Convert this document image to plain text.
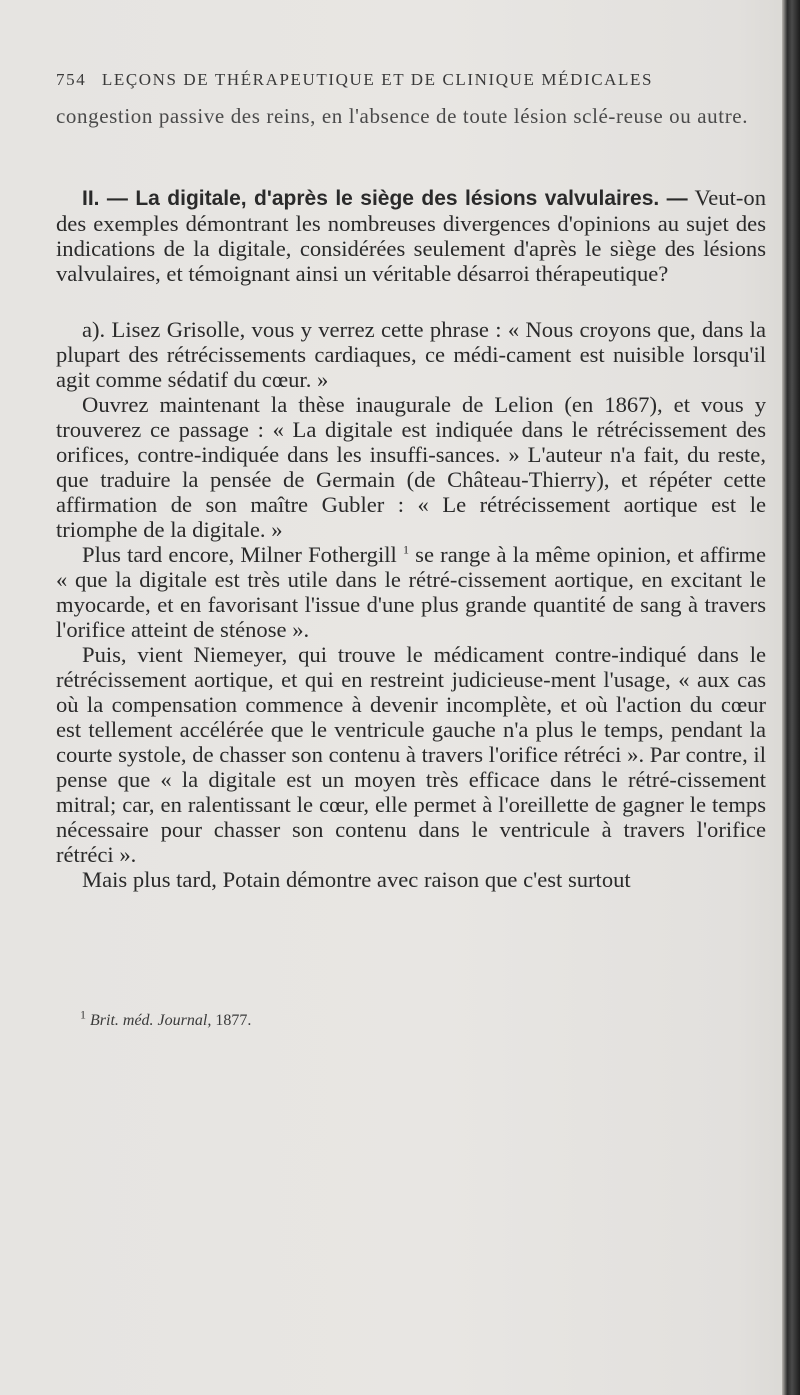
754 LEÇONS DE THÉRAPEUTIQUE ET DE CLINIQUE MÉDICALES

congestion passive des reins, en l'absence de toute lésion sclé-reuse ou autre.

II. — La digitale, d'après le siège des lésions valvulaires. — Veut-on des exemples démontrant les nombreuses divergences d'opinions au sujet des indications de la digitale, considérées seulement d'après le siège des lésions valvulaires, et témoignant ainsi un véritable désarroi thérapeutique?

a). Lisez Grisolle, vous y verrez cette phrase : « Nous croyons que, dans la plupart des rétrécissements cardiaques, ce médi-cament est nuisible lorsqu'il agit comme sédatif du cœur. »

Ouvrez maintenant la thèse inaugurale de Lelion (en 1867), et vous y trouverez ce passage : « La digitale est indiquée dans le rétrécissement des orifices, contre-indiquée dans les insuffi-sances. » L'auteur n'a fait, du reste, que traduire la pensée de Germain (de Château-Thierry), et répéter cette affirmation de son maître Gubler : « Le rétrécissement aortique est le triomphe de la digitale. »

Plus tard encore, Milner Fothergill $^1$ se range à la même opinion, et affirme « que la digitale est très utile dans le rétré-cissement aortique, en excitant le myocarde, et en favorisant l'issue d'une plus grande quantité de sang à travers l'orifice atteint de sténose ».

Puis, vient Niemeyer, qui trouve le médicament contre-indiqué dans le rétrécissement aortique, et qui en restreint judicieuse-ment l'usage, « aux cas où la compensation commence à devenir incomplète, et où l'action du cœur est tellement accélérée que le ventricule gauche n'a plus le temps, pendant la courte systole, de chasser son contenu à travers l'orifice rétréci ». Par contre, il pense que « la digitale est un moyen très efficace dans le rétré-cissement mitral; car, en ralentissant le cœur, elle permet à l'oreillette de gagner le temps nécessaire pour chasser son contenu dans le ventricule à travers l'orifice rétréci ».

Mais plus tard, Potain démontre avec raison que c'est surtout

$^1$ Brit. méd. Journal, 1877.
